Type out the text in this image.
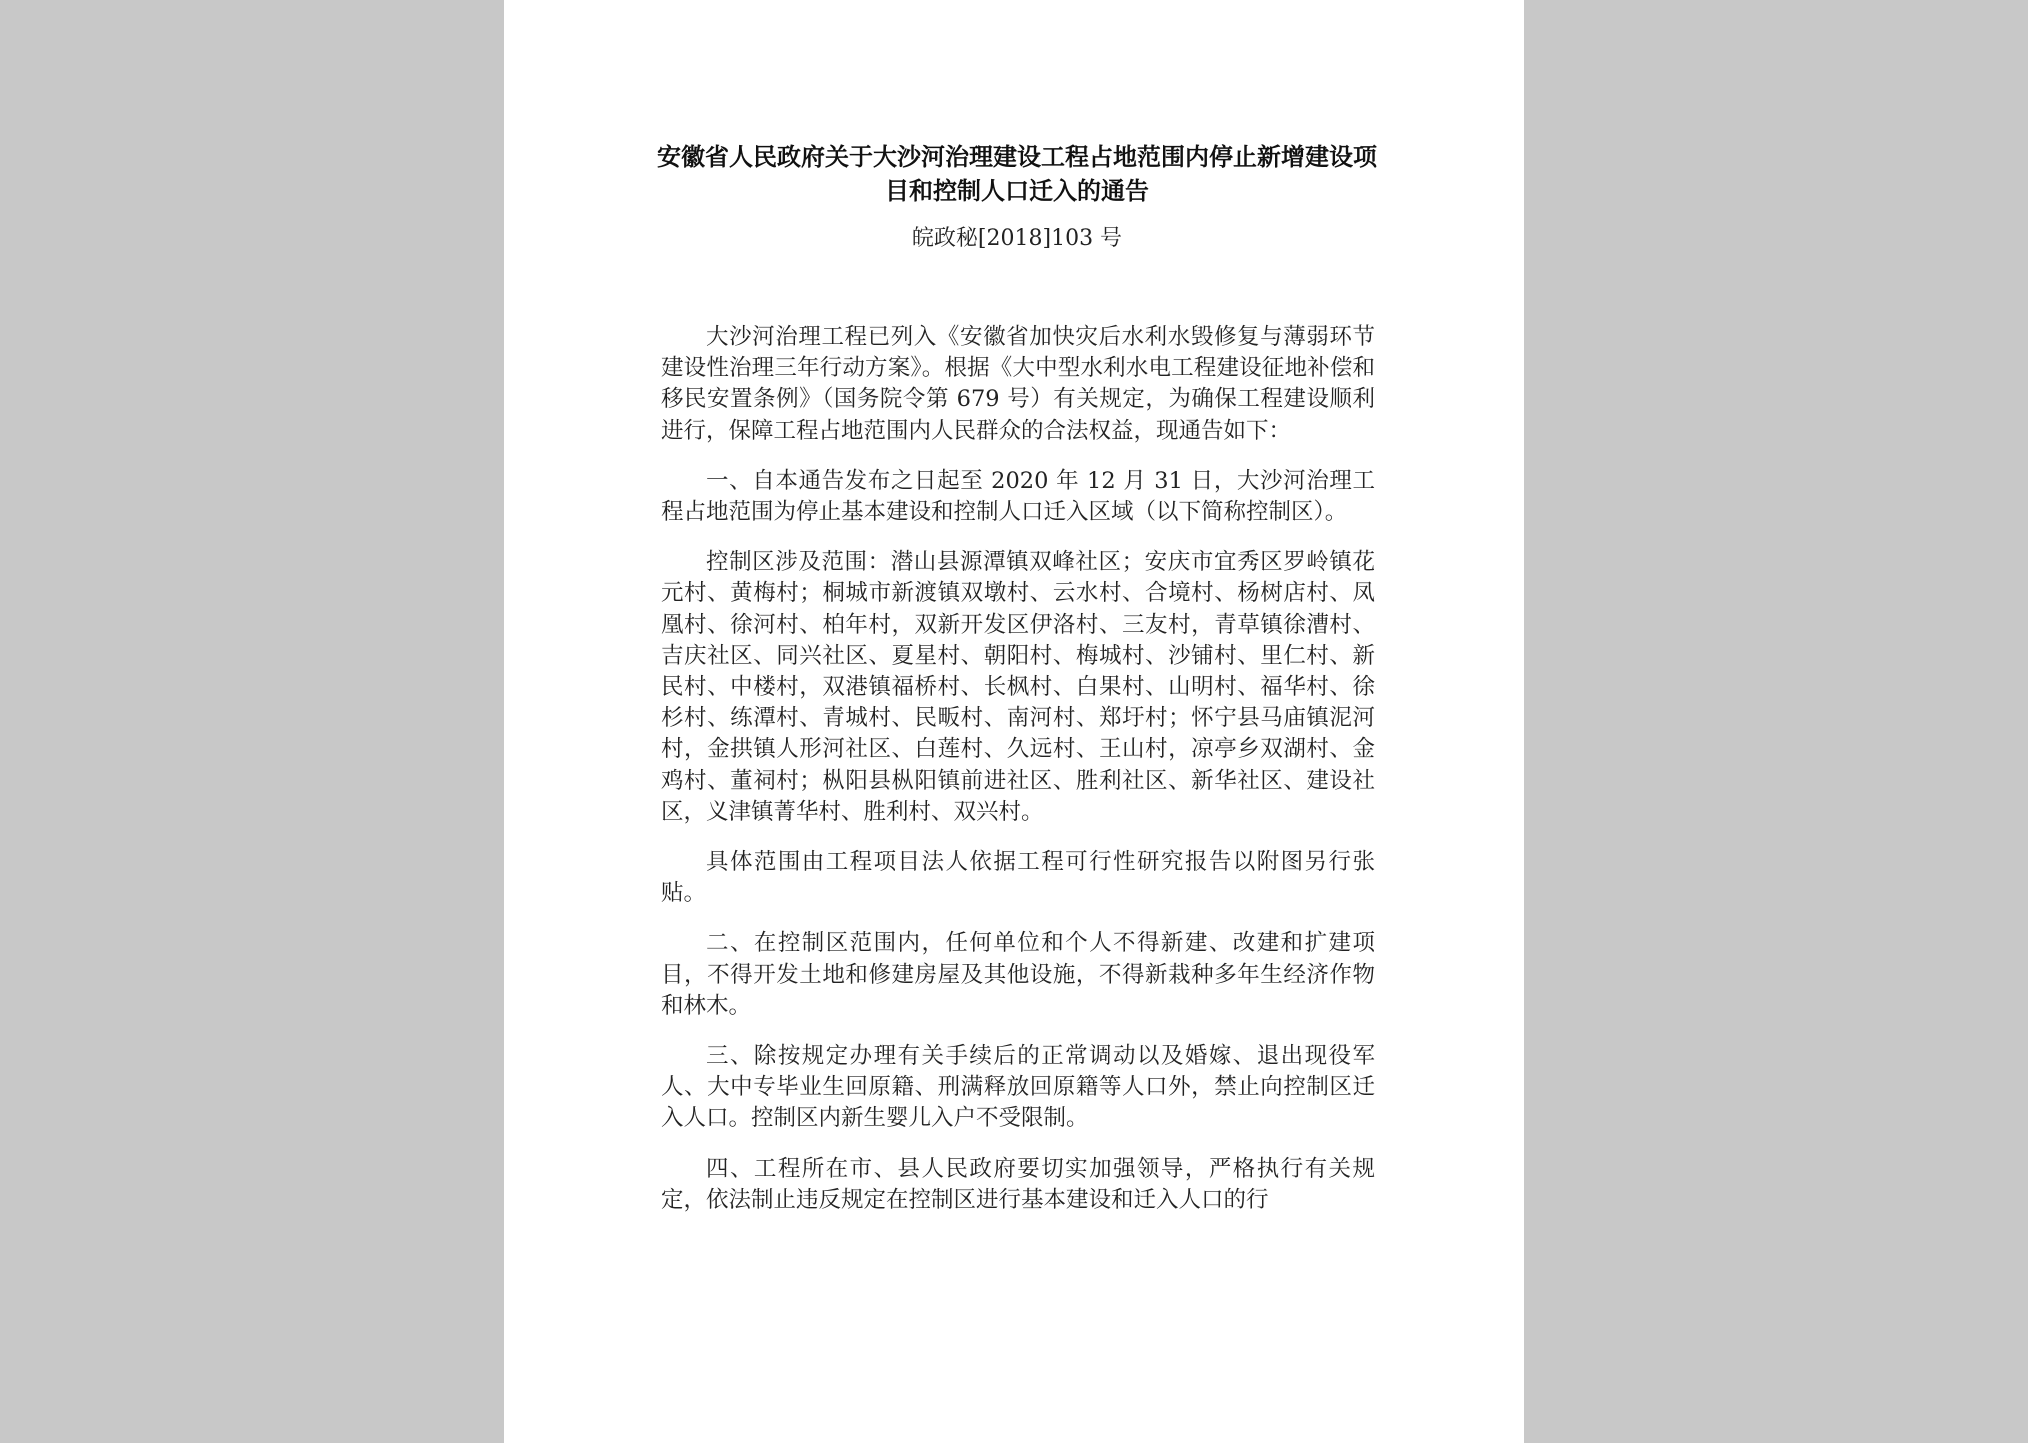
安徽省人民政府关于大沙河治理建设工程占地范围内停止新增建设项目和控制人口迁入的通告
皖政秘[2018]103 号

大沙河治理工程已列入《安徽省加快灾后水利水毁修复与薄弱环节建设性治理三年行动方案》。根据《大中型水利水电工程建设征地补偿和移民安置条例》（国务院令第 679 号）有关规定，为确保工程建设顺利进行，保障工程占地范围内人民群众的合法权益，现通告如下：

一、自本通告发布之日起至 2020 年 12 月 31 日，大沙河治理工程占地范围为停止基本建设和控制人口迁入区域（以下简称控制区）。

控制区涉及范围：潜山县源潭镇双峰社区；安庆市宜秀区罗岭镇花元村、黄梅村；桐城市新渡镇双墩村、云水村、合境村、杨树店村、凤凰村、徐河村、柏年村，双新开发区伊洛村、三友村，青草镇徐漕村、吉庆社区、同兴社区、夏星村、朝阳村、梅城村、沙铺村、里仁村、新民村、中楼村，双港镇福桥村、长枫村、白果村、山明村、福华村、徐杉村、练潭村、青城村、民畈村、南河村、郑圩村；怀宁县马庙镇泥河村，金拱镇人形河社区、白莲村、久远村、王山村，凉亭乡双湖村、金鸡村、董祠村；枞阳县枞阳镇前进社区、胜利社区、新华社区、建设社区，义津镇菁华村、胜利村、双兴村。

具体范围由工程项目法人依据工程可行性研究报告以附图另行张贴。

二、在控制区范围内，任何单位和个人不得新建、改建和扩建项目，不得开发土地和修建房屋及其他设施，不得新栽种多年生经济作物和林木。

三、除按规定办理有关手续后的正常调动以及婚嫁、退出现役军人、大中专毕业生回原籍、刑满释放回原籍等人口外，禁止向控制区迁入人口。控制区内新生婴儿入户不受限制。

四、工程所在市、县人民政府要切实加强领导，严格执行有关规定，依法制止违反规定在控制区进行基本建设和迁入人口的行
